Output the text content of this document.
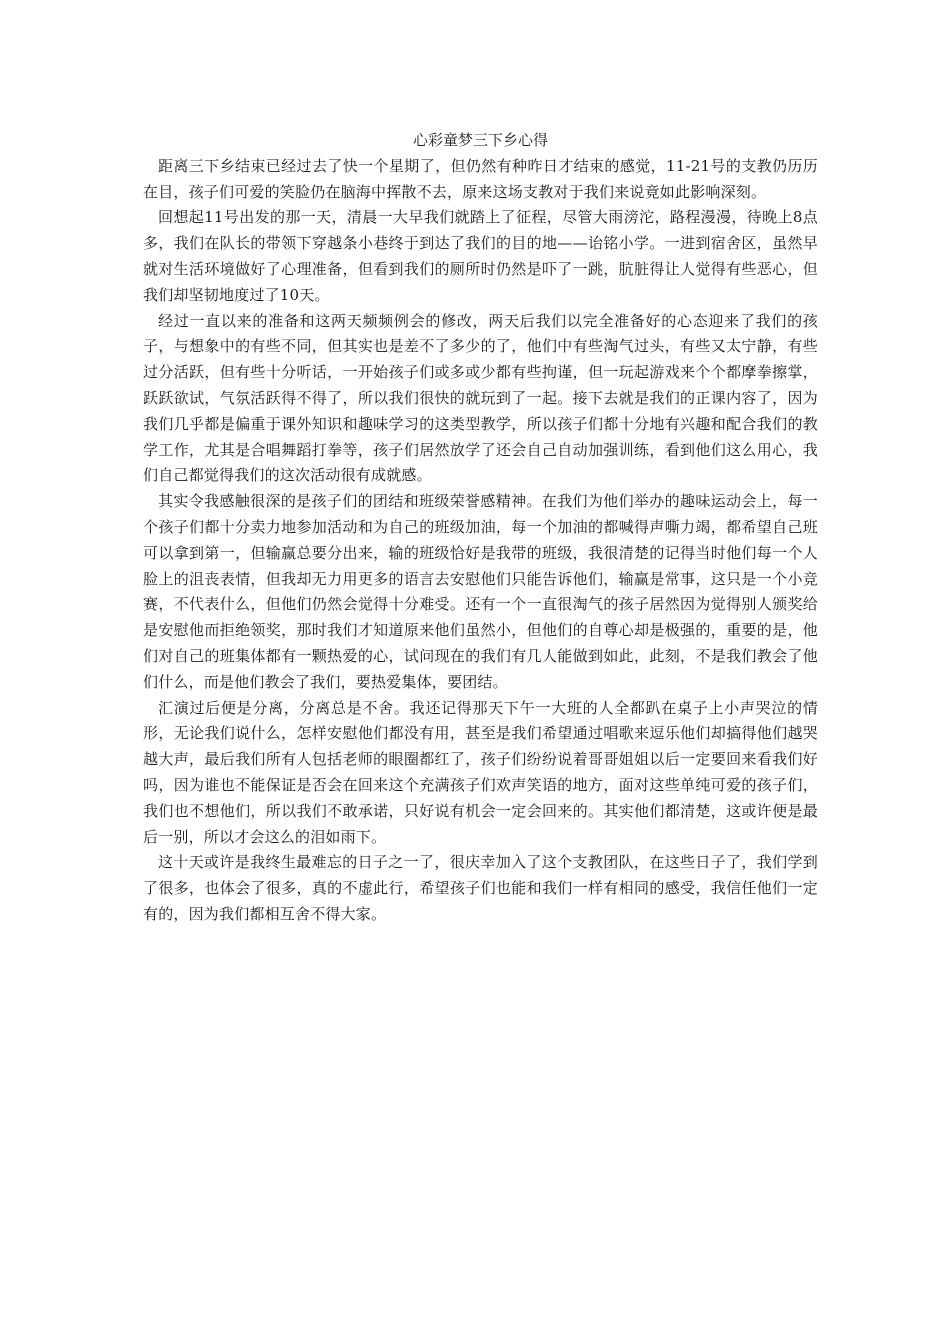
心彩童梦三下乡心得

距离三下乡结束已经过去了快一个星期了，但仍然有种昨日才结束的感觉，11-21号的支教仍历历在目，孩子们可爱的笑脸仍在脑海中挥散不去，原来这场支教对于我们来说竟如此影响深刻。

回想起11号出发的那一天，清晨一大早我们就踏上了征程，尽管大雨滂沱，路程漫漫，待晚上8点多，我们在队长的带领下穿越条小巷终于到达了我们的目的地——诒铭小学。一进到宿舍区，虽然早就对生活环境做好了心理准备，但看到我们的厕所时仍然是吓了一跳，肮脏得让人觉得有些恶心，但我们却坚韧地度过了10天。

经过一直以来的准备和这两天频频例会的修改，两天后我们以完全准备好的心态迎来了我们的孩子，与想象中的有些不同，但其实也是差不了多少的了，他们中有些淘气过头，有些又太宁静，有些过分活跃，但有些十分听话，一开始孩子们或多或少都有些拘谨，但一玩起游戏来个个都摩拳擦掌，跃跃欲试，气氛活跃得不得了，所以我们很快的就玩到了一起。接下去就是我们的正课内容了，因为我们几乎都是偏重于课外知识和趣味学习的这类型教学，所以孩子们都十分地有兴趣和配合我们的教学工作，尤其是合唱舞蹈打拳等，孩子们居然放学了还会自己自动加强训练，看到他们这么用心，我们自己都觉得我们的这次活动很有成就感。

其实令我感触很深的是孩子们的团结和班级荣誉感精神。在我们为他们举办的趣味运动会上，每一个孩子们都十分卖力地参加活动和为自己的班级加油，每一个加油的都喊得声嘶力竭，都希望自己班可以拿到第一，但输赢总要分出来，输的班级恰好是我带的班级，我很清楚的记得当时他们每一个人脸上的沮丧表情，但我却无力用更多的语言去安慰他们只能告诉他们，输赢是常事，这只是一个小竞赛，不代表什么，但他们仍然会觉得十分难受。还有一个一直很淘气的孩子居然因为觉得别人颁奖给是安慰他而拒绝领奖，那时我们才知道原来他们虽然小，但他们的自尊心却是极强的，重要的是，他们对自己的班集体都有一颗热爱的心，试问现在的我们有几人能做到如此，此刻，不是我们教会了他们什么，而是他们教会了我们，要热爱集体，要团结。

汇演过后便是分离，分离总是不舍。我还记得那天下午一大班的人全都趴在桌子上小声哭泣的情形，无论我们说什么，怎样安慰他们都没有用，甚至是我们希望通过唱歌来逗乐他们却搞得他们越哭越大声，最后我们所有人包括老师的眼圈都红了，孩子们纷纷说着哥哥姐姐以后一定要回来看我们好吗，因为谁也不能保证是否会在回来这个充满孩子们欢声笑语的地方，面对这些单纯可爱的孩子们，我们也不想他们，所以我们不敢承诺，只好说有机会一定会回来的。其实他们都清楚，这或许便是最后一别，所以才会这么的泪如雨下。

这十天或许是我终生最难忘的日子之一了，很庆幸加入了这个支教团队，在这些日子了，我们学到了很多，也体会了很多，真的不虚此行，希望孩子们也能和我们一样有相同的感受，我信任他们一定有的，因为我们都相互舍不得大家。
